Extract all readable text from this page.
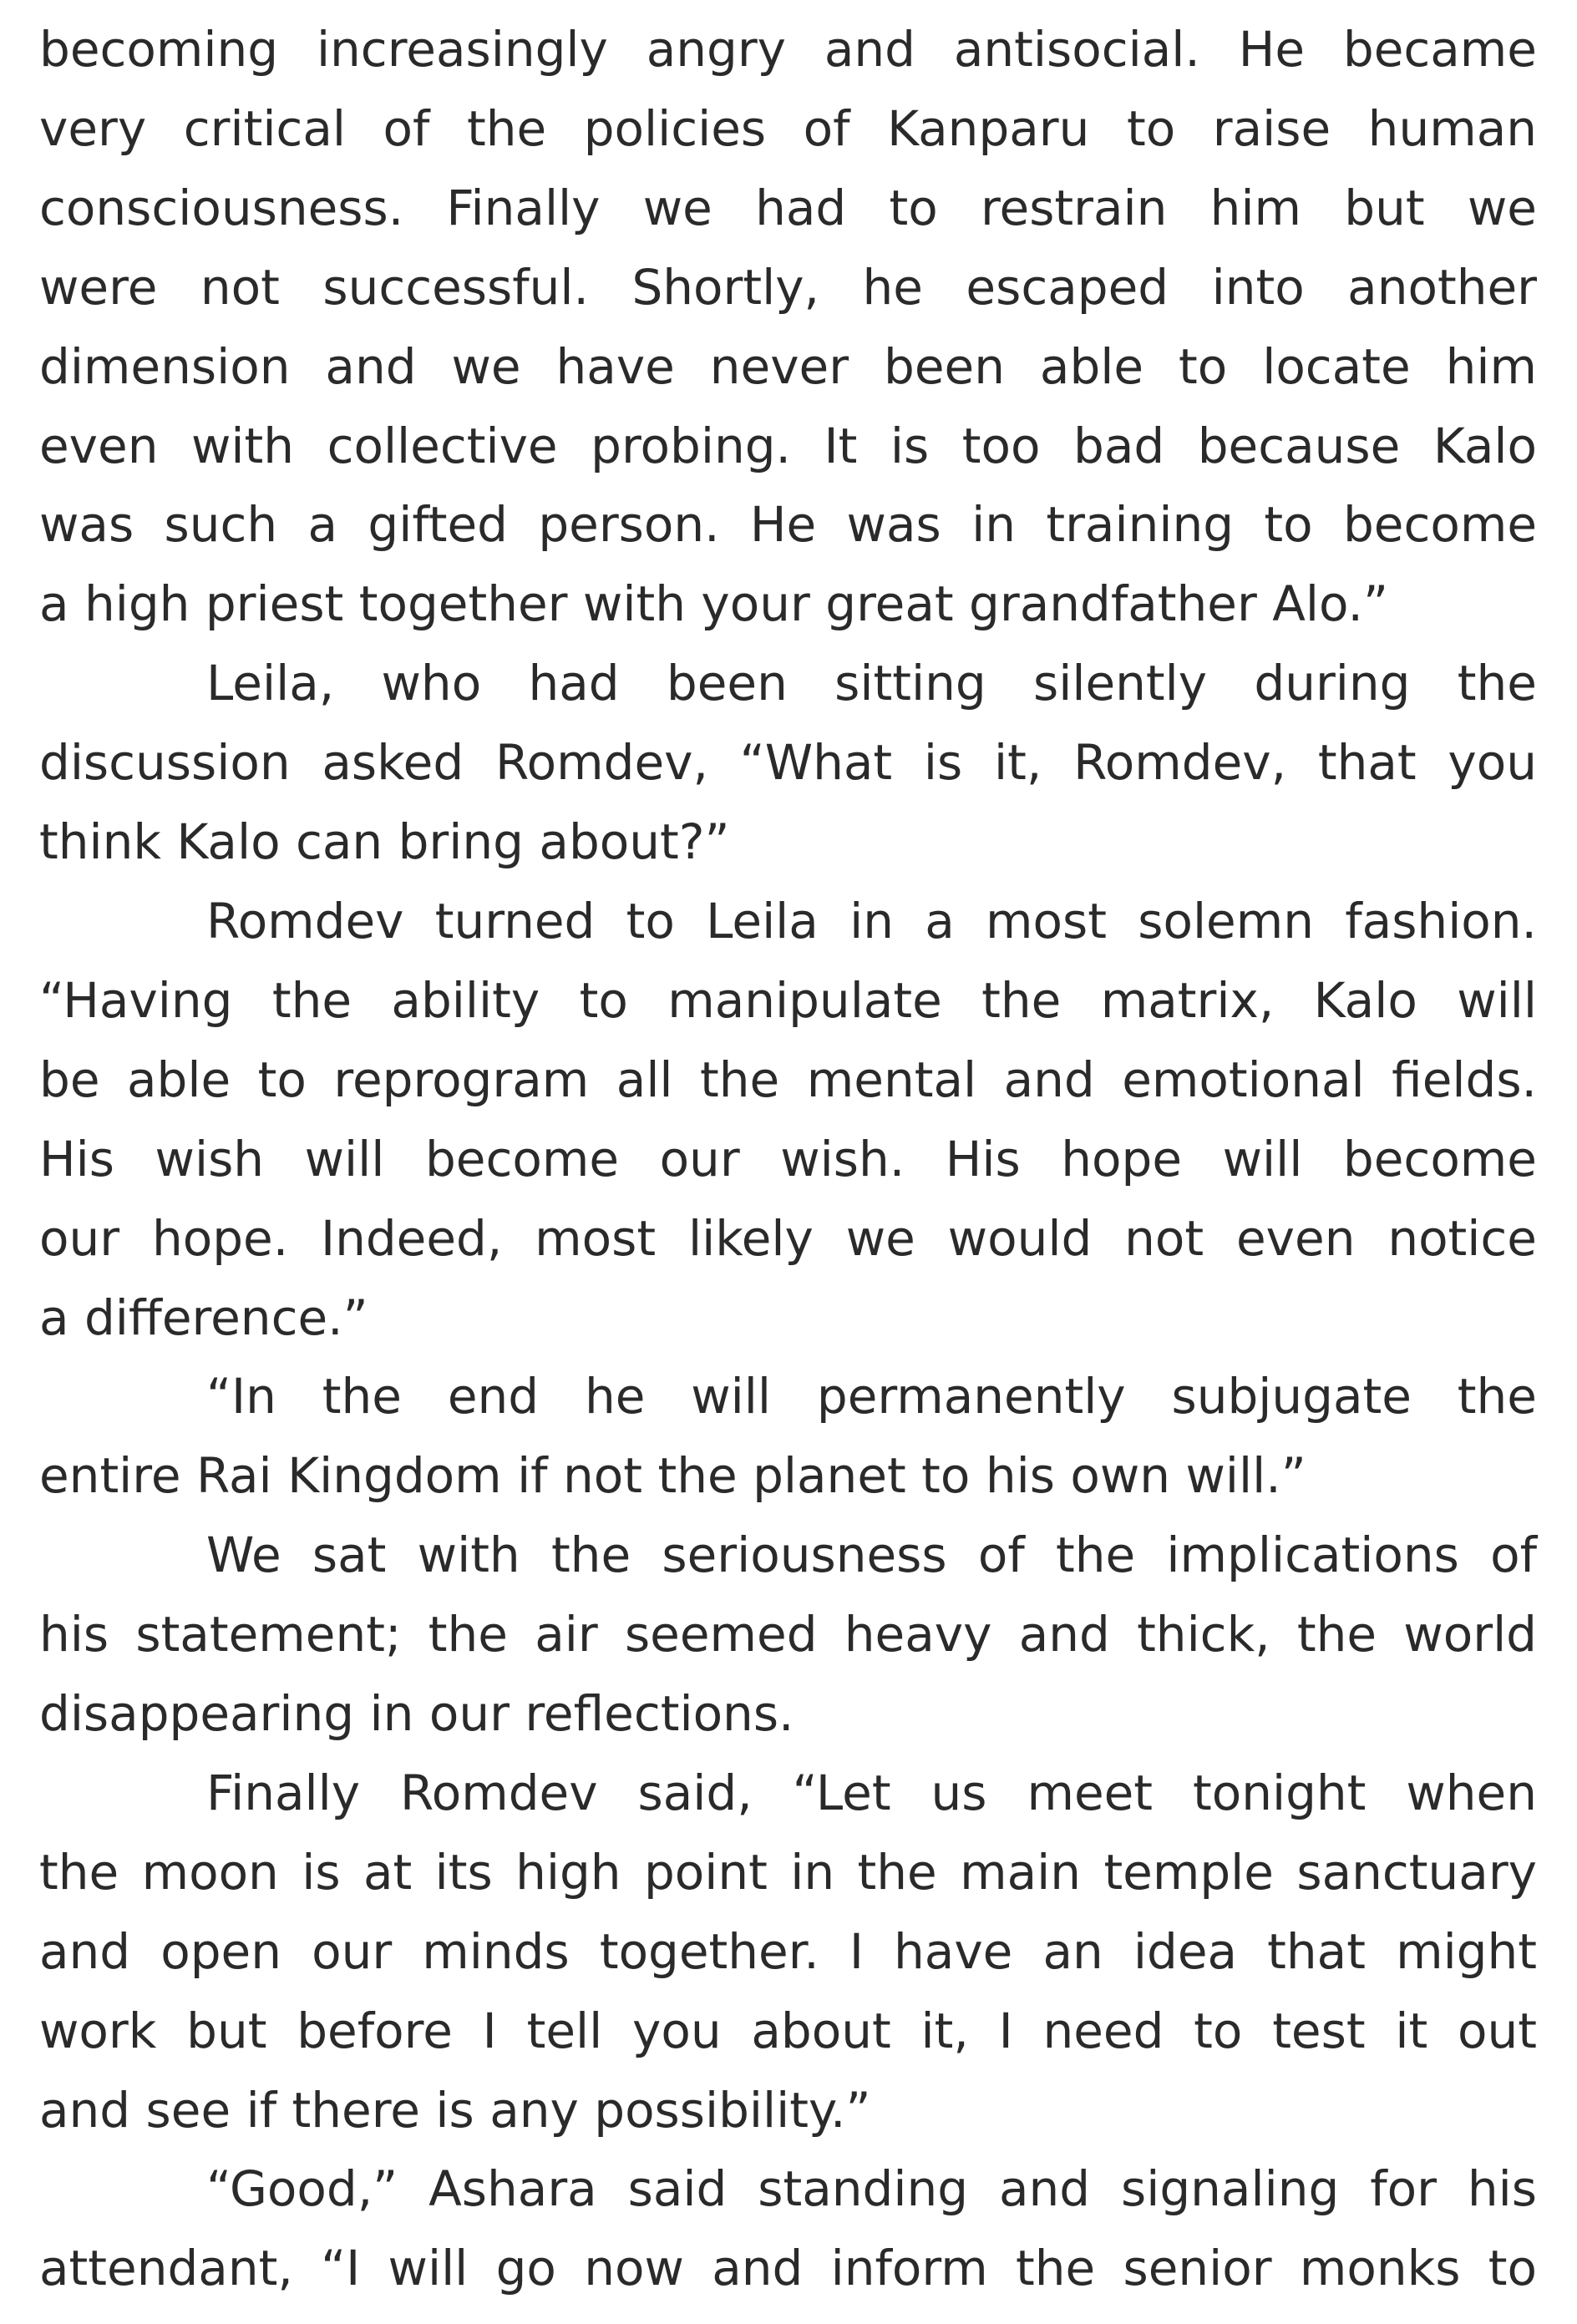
becoming increasingly angry and antisocial. He became
very critical of the policies of Kanparu to raise human
consciousness. Finally we had to restrain him but we
were not successful. Shortly, he escaped into another
dimension and we have never been able to locate him
even with collective probing. It is too bad because Kalo
was such a gifted person. He was in training to become
a high priest together with your great grandfather Alo.”
Leila, who had been sitting silently during the
discussion asked Romdev, “What is it, Romdev, that you
think Kalo can bring about?”
Romdev turned to Leila in a most solemn fashion.
“Having the ability to manipulate the matrix, Kalo will
be able to reprogram all the mental and emotional fields.
His wish will become our wish. His hope will become
our hope. Indeed, most likely we would not even notice
a difference.”
“In the end he will permanently subjugate the
entire Rai Kingdom if not the planet to his own will.”
We sat with the seriousness of the implications of
his statement; the air seemed heavy and thick, the world
disappearing in our reflections.
Finally Romdev said, “Let us meet tonight when
the moon is at its high point in the main temple sanctuary
and open our minds together. I have an idea that might
work but before I tell you about it, I need to test it out
and see if there is any possibility.”
“Good,” Ashara said standing and signaling for his
attendant, “I will go now and inform the senior monks to
